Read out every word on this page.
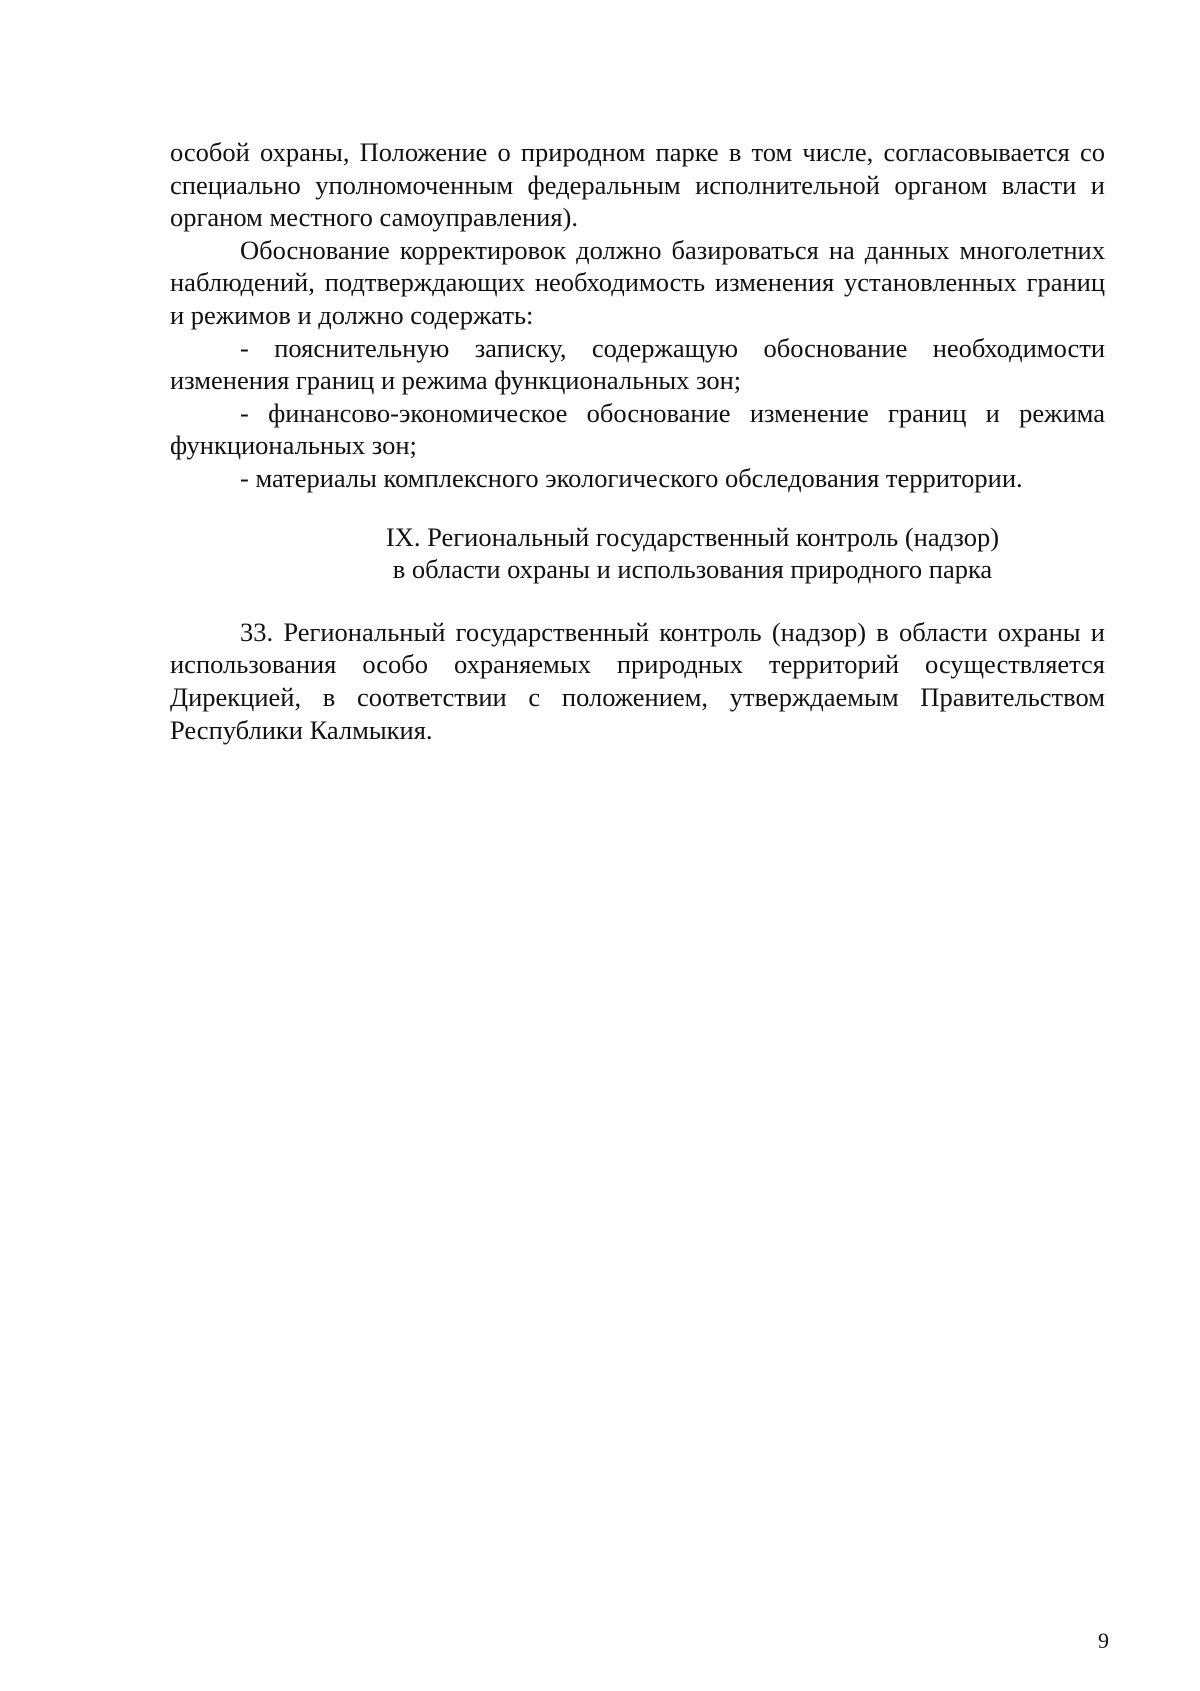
особой охраны, Положение о природном парке в том числе, согласовывается со специально уполномоченным федеральным исполнительной органом власти и органом местного самоуправления).

Обоснование корректировок должно базироваться на данных многолетних наблюдений, подтверждающих необходимость изменения установленных границ и режимов и должно содержать:

- пояснительную записку, содержащую обоснование необходимости изменения границ и режима функциональных зон;

- финансово-экономическое обоснование изменение границ и режима функциональных зон;

- материалы комплексного экологического обследования территории.

IX. Региональный государственный контроль (надзор)
в области охраны и использования природного парка

33. Региональный государственный контроль (надзор) в области охраны и использования особо охраняемых природных территорий осуществляется Дирекцией, в соответствии с положением, утверждаемым Правительством Республики Калмыкия.

9
